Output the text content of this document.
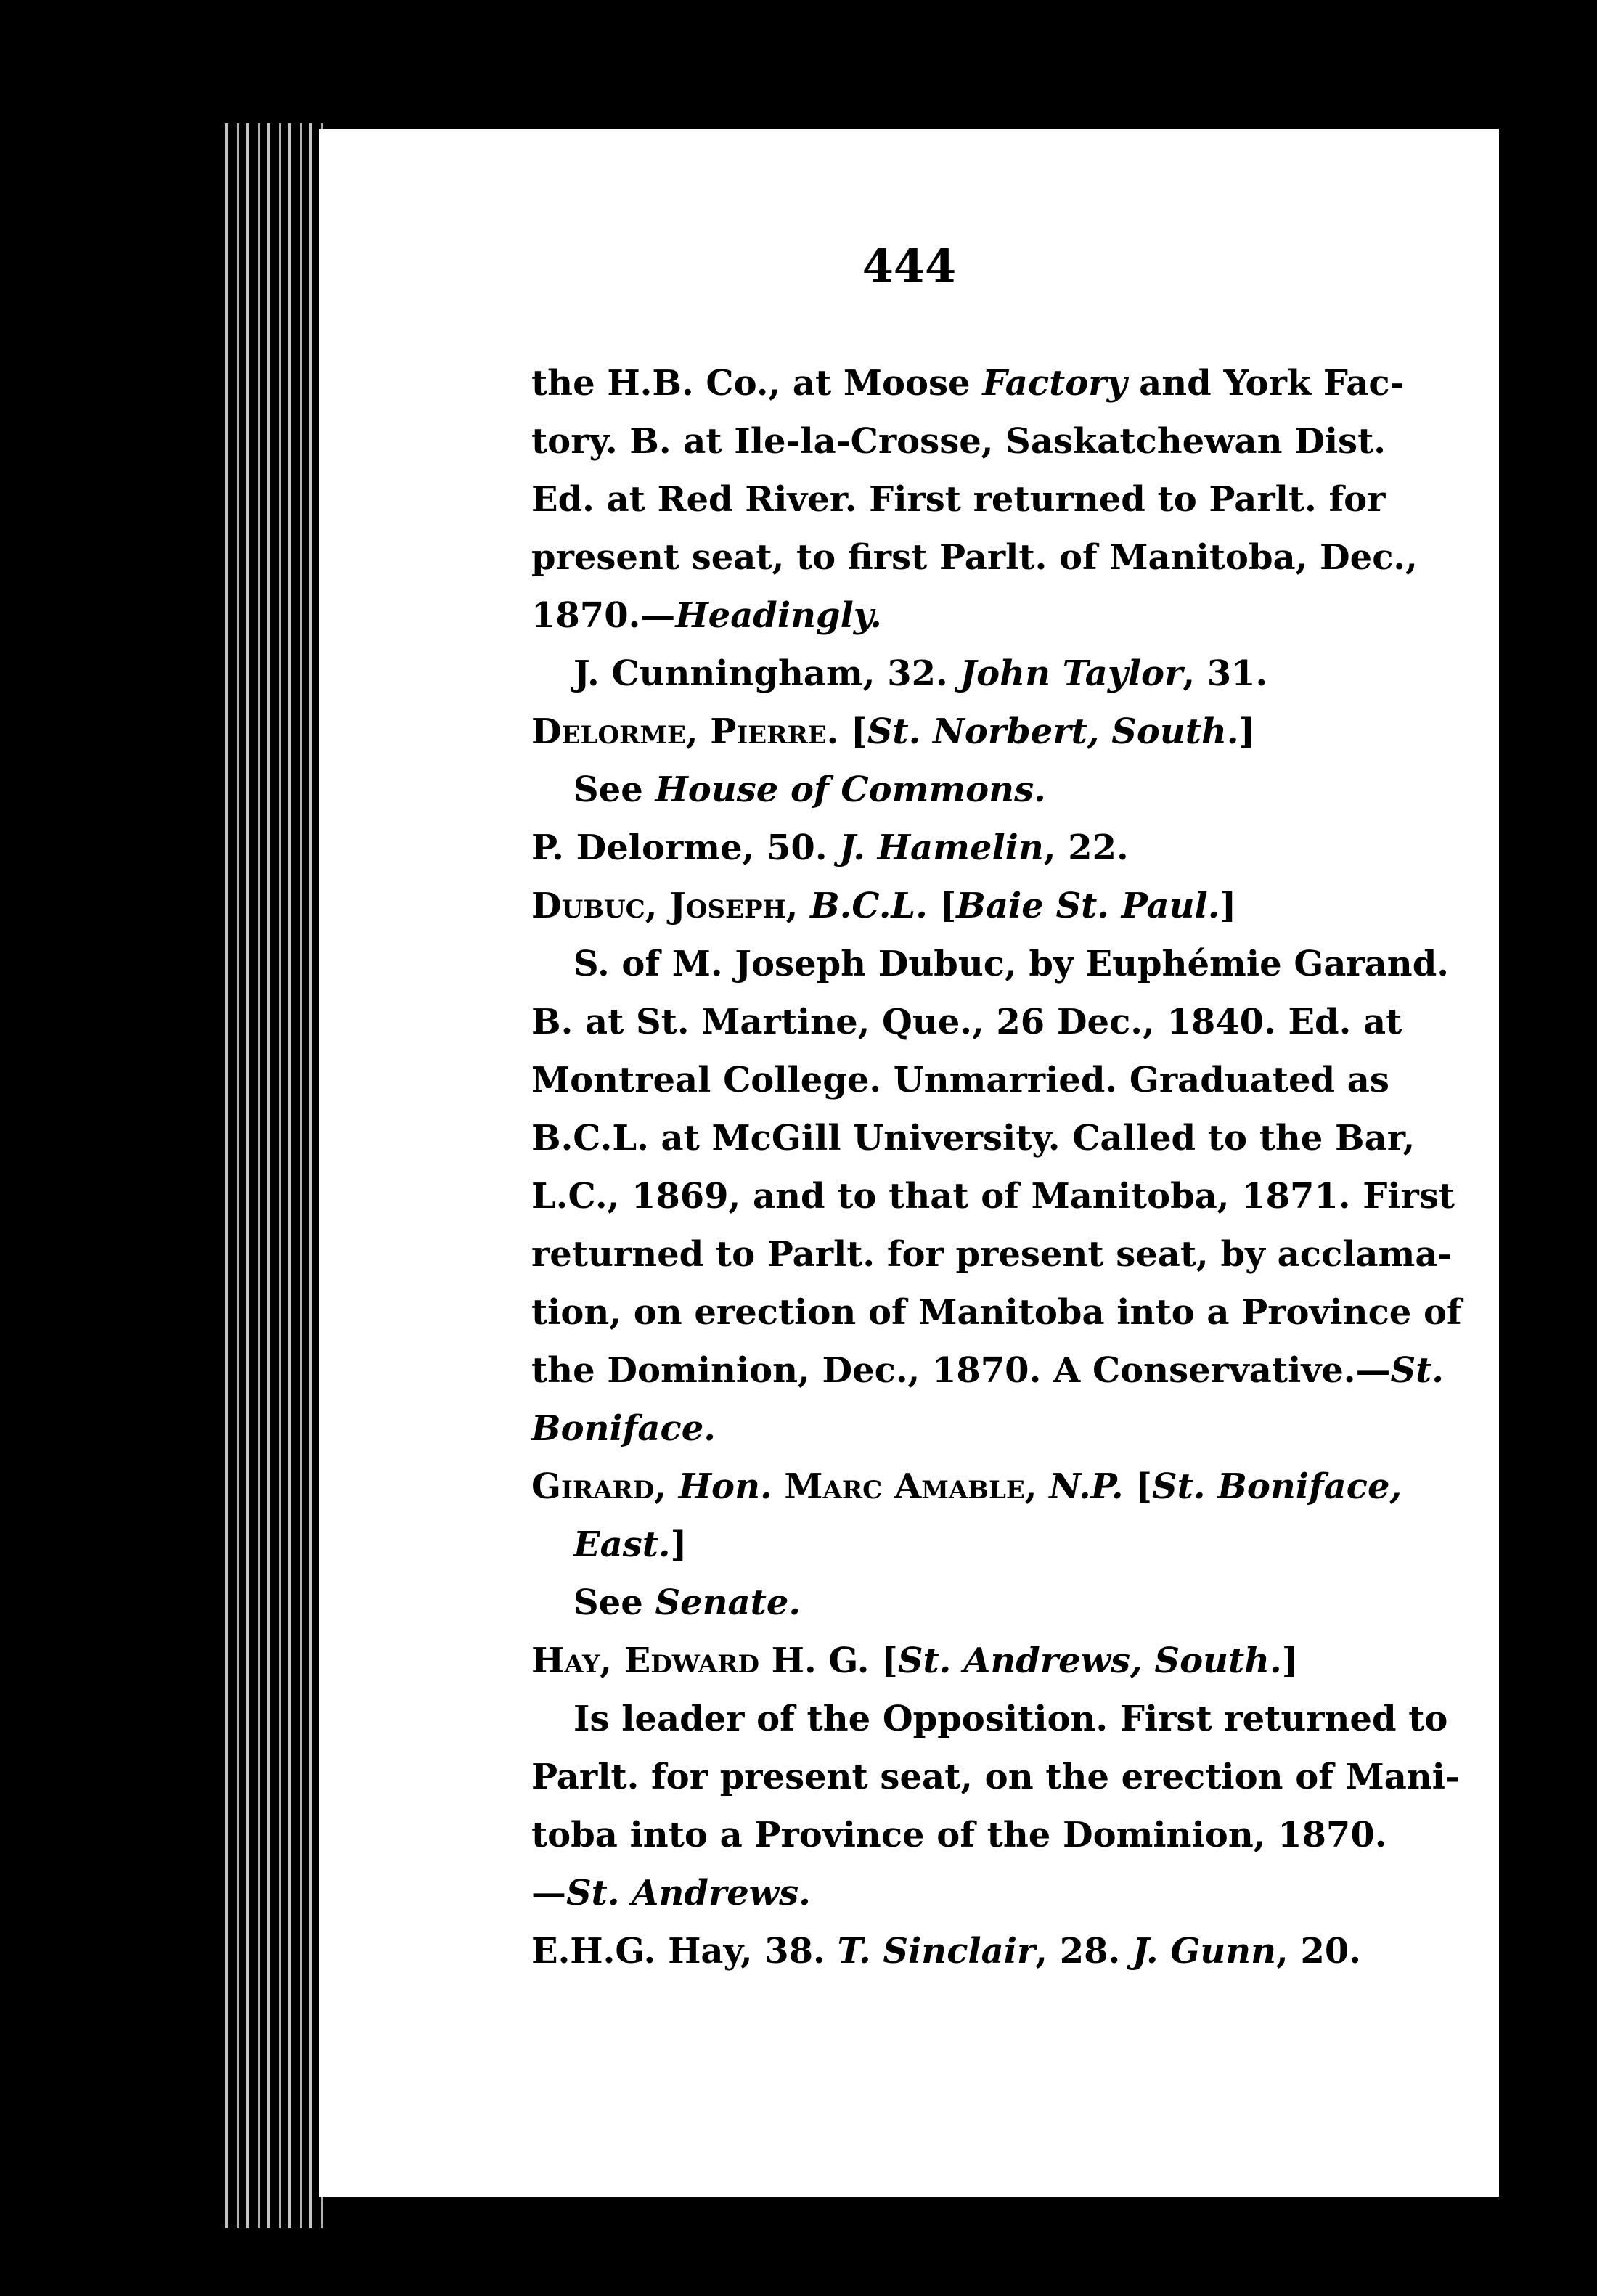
444
the H.B. Co., at Moose Factory and York Fac-
tory. B. at Ile-la-Crosse, Saskatchewan Dist.
Ed. at Red River. First returned to Parlt. for
present seat, to first Parlt. of Manitoba, Dec.,
1870.—Headingly.
J. Cunningham, 32. John Taylor, 31.
Delorme, Pierre. [St. Norbert, South.]
See House of Commons.
P. Delorme, 50. J. Hamelin, 22.
Dubuc, Joseph, B.C.L. [Baie St. Paul.]
S. of M. Joseph Dubuc, by Euphémie Garand.
B. at St. Martine, Que., 26 Dec., 1840. Ed. at
Montreal College. Unmarried. Graduated as
B.C.L. at McGill University. Called to the Bar,
L.C., 1869, and to that of Manitoba, 1871. First
returned to Parlt. for present seat, by acclama-
tion, on erection of Manitoba into a Province of
the Dominion, Dec., 1870. A Conservative.—St.
Boniface.
Girard, Hon. Marc Amable, N.P. [St. Boniface,
East.]
See Senate.
Hay, Edward H. G. [St. Andrews, South.]
Is leader of the Opposition. First returned to
Parlt. for present seat, on the erection of Mani-
toba into a Province of the Dominion, 1870.
—St. Andrews.
E.H.G. Hay, 38. T. Sinclair, 28. J. Gunn, 20.
